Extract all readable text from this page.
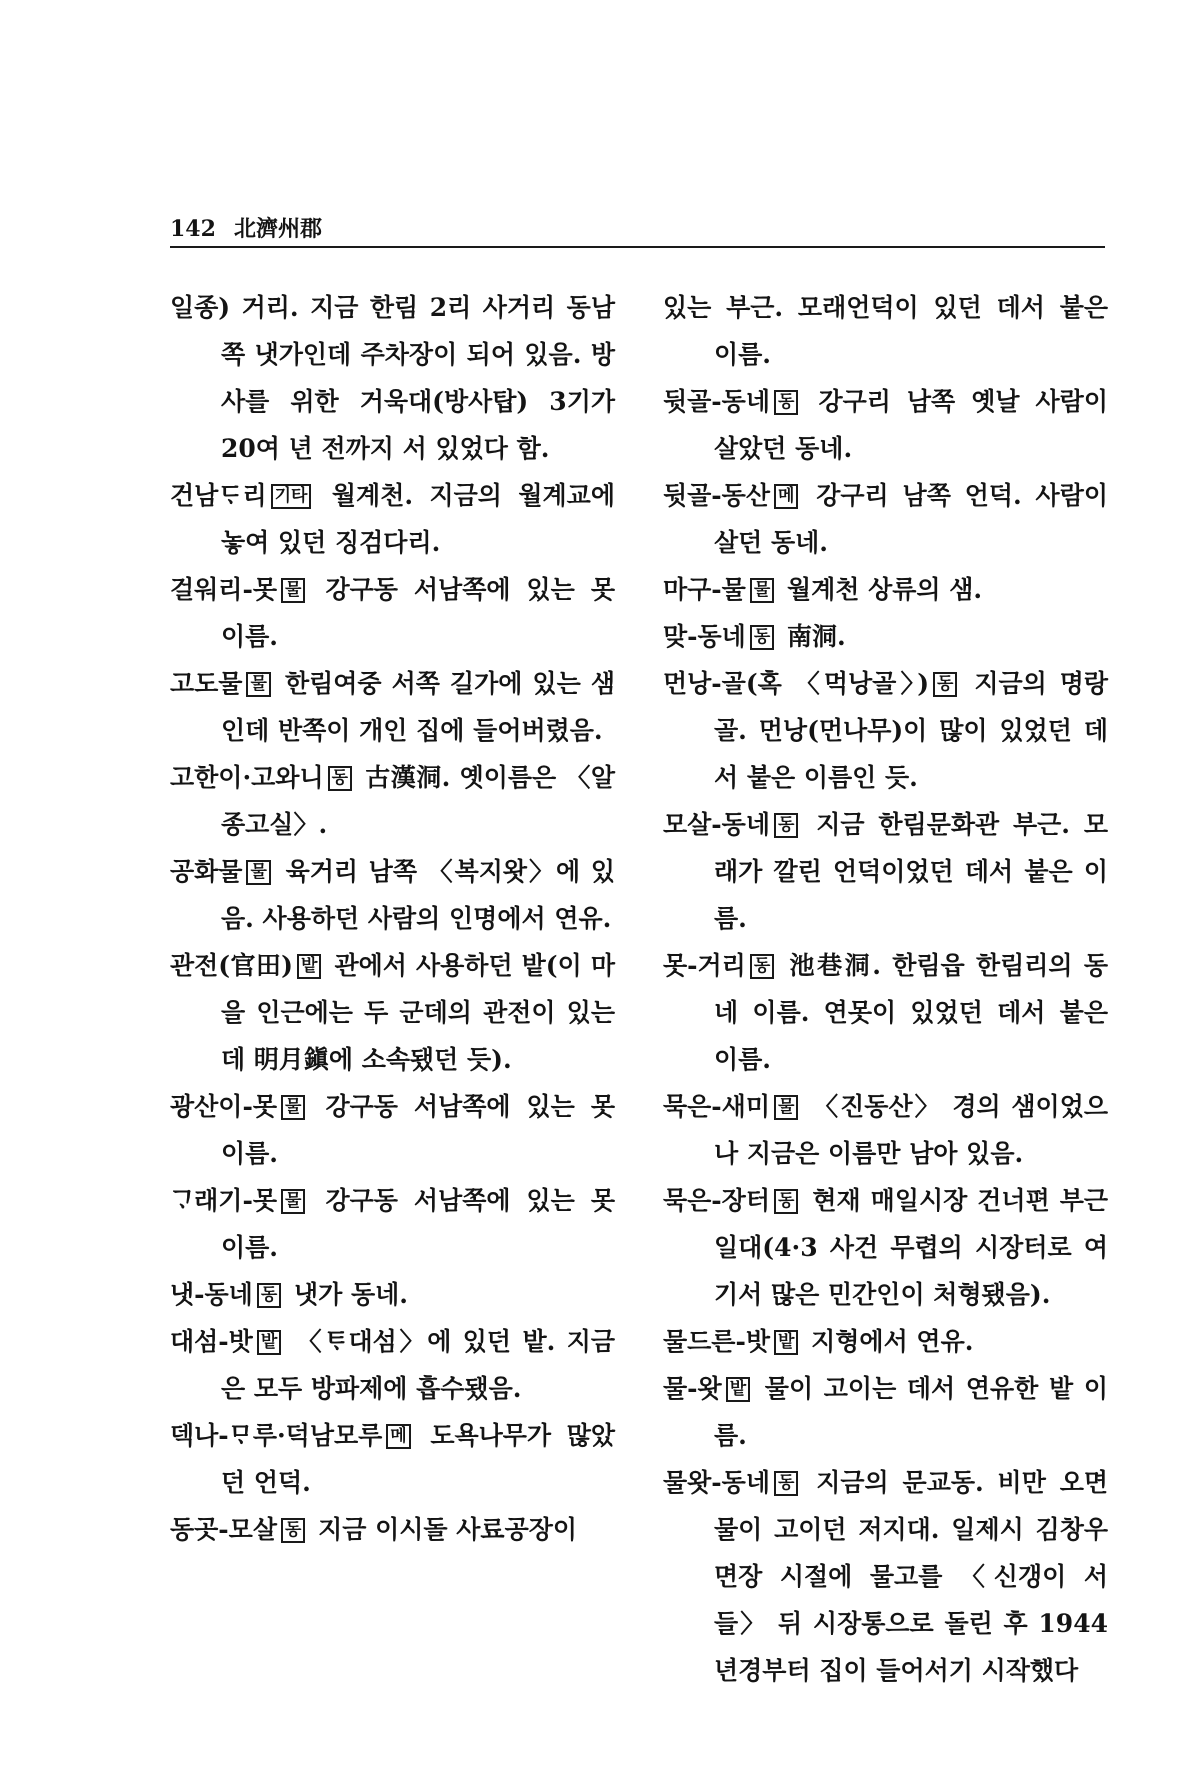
142 北濟州郡
일종) 거리. 지금 한림 2리 사거리 동남쪽 냇가인데 주차장이 되어 있음. 방사를 위한 거욱대(방사탑) 3기가 20여 년 전까지 서 있었다 함.
건남ᄃᆞ리 기타 월계천. 지금의 월계교에 놓여 있던 징검다리.
걸워리-못 물 강구동 서남쪽에 있는 못 이름.
고도물 물 한림여중 서쪽 길가에 있는 샘인데 반쪽이 개인 집에 들어버렸음.
고한이·고와니 동 古漢洞. 옛이름은 〈알종고실〉.
공화물 물 육거리 남쪽 〈복지왓〉에 있음. 사용하던 사람의 인명에서 연유.
관전(官田) 밭 관에서 사용하던 밭(이 마을 인근에는 두 군데의 관전이 있는데 明月鎭에 소속됐던 듯).
광산이-못 물 강구동 서남쪽에 있는 못 이름.
ᄀᆞ래기-못 물 강구동 서남쪽에 있는 못 이름.
냇-동네 동 냇가 동네.
대섬-밧 밭 〈ᄐᆞ대섬〉에 있던 밭. 지금은 모두 방파제에 흡수됐음.
덱나-ᄆᆞ루·덕남모루 메 도욕나무가 많았던 언덕.
동곳-모살 동 지금 이시돌 사료공장이
있는 부근. 모래언덕이 있던 데서 붙은 이름.
뒷골-동네 동 강구리 남쪽 옛날 사람이 살았던 동네.
뒷골-동산 메 강구리 남쪽 언덕. 사람이 살던 동네.
마구-물 물 월계천 상류의 샘.
맞-동네 동 南洞.
먼낭-골(혹 〈먹낭골〉) 동 지금의 명랑골. 먼낭(먼나무)이 많이 있었던 데서 붙은 이름인 듯.
모살-동네 동 지금 한림문화관 부근. 모래가 깔린 언덕이었던 데서 붙은 이름.
못-거리 동 池巷洞. 한림읍 한림리의 동네 이름. 연못이 있었던 데서 붙은 이름.
묵은-새미 물 〈진동산〉 경의 샘이었으나 지금은 이름만 남아 있음.
묵은-장터 동 현재 매일시장 건너편 부근 일대(4·3 사건 무렵의 시장터로 여기서 많은 민간인이 처형됐음).
물드른-밧 밭 지형에서 연유.
물-왓 밭 물이 고이는 데서 연유한 밭 이름.
물왓-동네 동 지금의 문교동. 비만 오면 물이 고이던 저지대. 일제시 김창우 면장 시절에 물고를 〈신갱이 서들〉 뒤 시장통으로 돌린 후 1944년경부터 집이 들어서기 시작했다
